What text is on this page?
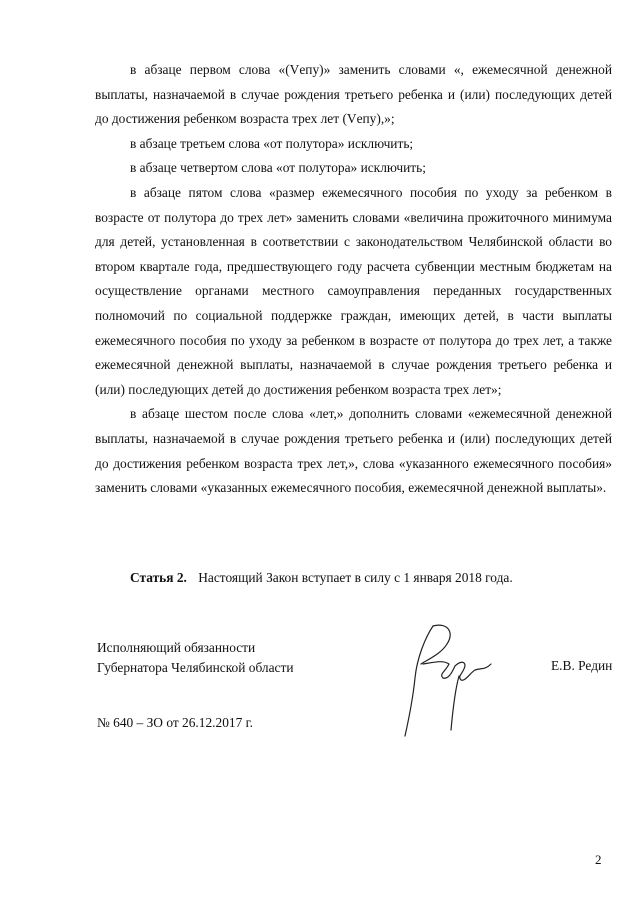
в абзаце первом слова «(Vепу)» заменить словами «, ежемесячной денежной выплаты, назначаемой в случае рождения третьего ребенка и (или) последующих детей до достижения ребенком возраста трех лет (Vепу),»;

в абзаце третьем слова «от полутора» исключить;

в абзаце четвертом слова «от полутора» исключить;

в абзаце пятом слова «размер ежемесячного пособия по уходу за ребенком в возрасте от полутора до трех лет» заменить словами «величина прожиточного минимума для детей, установленная в соответствии с законодательством Челябинской области во втором квартале года, предшествующего году расчета субвенции местным бюджетам на осуществление органами местного самоуправления переданных государственных полномочий по социальной поддержке граждан, имеющих детей, в части выплаты ежемесячного пособия по уходу за ребенком в возрасте от полутора до трех лет, а также ежемесячной денежной выплаты, назначаемой в случае рождения третьего ребенка и (или) последующих детей до достижения ребенком возраста трех лет»;

в абзаце шестом после слова «лет,» дополнить словами «ежемесячной денежной выплаты, назначаемой в случае рождения третьего ребенка и (или) последующих детей до достижения ребенком возраста трех лет,», слова «указанного ежемесячного пособия» заменить словами «указанных ежемесячного пособия, ежемесячной денежной выплаты».

Статья 2. Настоящий Закон вступает в силу с 1 января 2018 года.
Исполняющий обязанности
Губернатора Челябинской области	Е.В. Редин
№ 640 – ЗО от 26.12.2017 г.
2
